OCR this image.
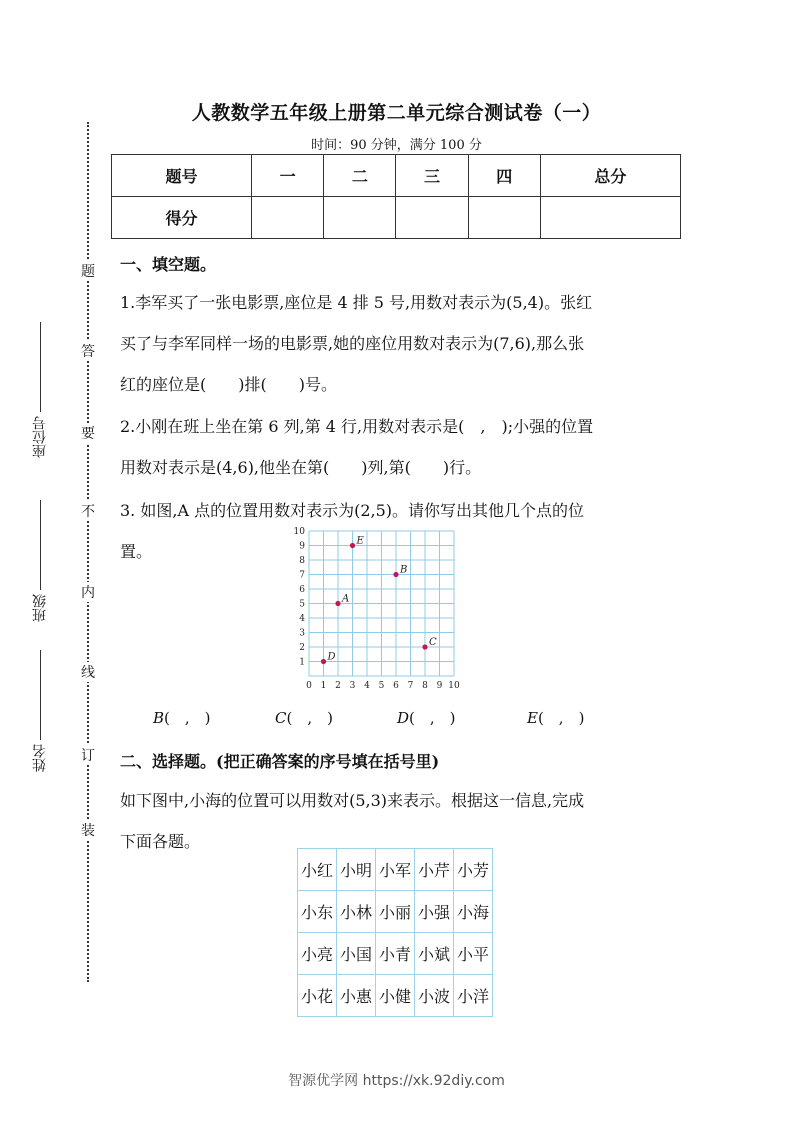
题
答
要
不
内
线
订
装
座位号
班级
姓名
人教数学五年级上册第二单元综合测试卷（一）
时间：90 分钟，满分 100 分
题号	一	二	三	四	总分
得分					
一、填空题。
1.李军买了一张电影票,座位是 4 排 5 号,用数对表示为(5,4)。张红
买了与李军同样一场的电影票,她的座位用数对表示为(7,6),那么张
红的座位是(　　)排(　　)号。
2.小刚在班上坐在第 6 列,第 4 行,用数对表示是(　,　);小强的位置
用数对表示是(4,6),他坐在第(　　)列,第(　　)行。
3. 如图,A 点的位置用数对表示为(2,5)。请你写出其他几个点的位
置。
0 1 2 3 4 5 6 7 8 9 10
1
2
3
4
5
6
7
8
9
10
A
B
C
D
E
B(　,　)	C(　,　)	D(　,　)	E(　,　)
二、选择题。(把正确答案的序号填在括号里)
如下图中,小海的位置可以用数对(5,3)来表示。根据这一信息,完成
下面各题。
小红	小明	小军	小芹	小芳
小东	小林	小丽	小强	小海
小亮	小国	小青	小斌	小平
小花	小惠	小健	小波	小洋
智源优学网 https://xk.92diy.com
